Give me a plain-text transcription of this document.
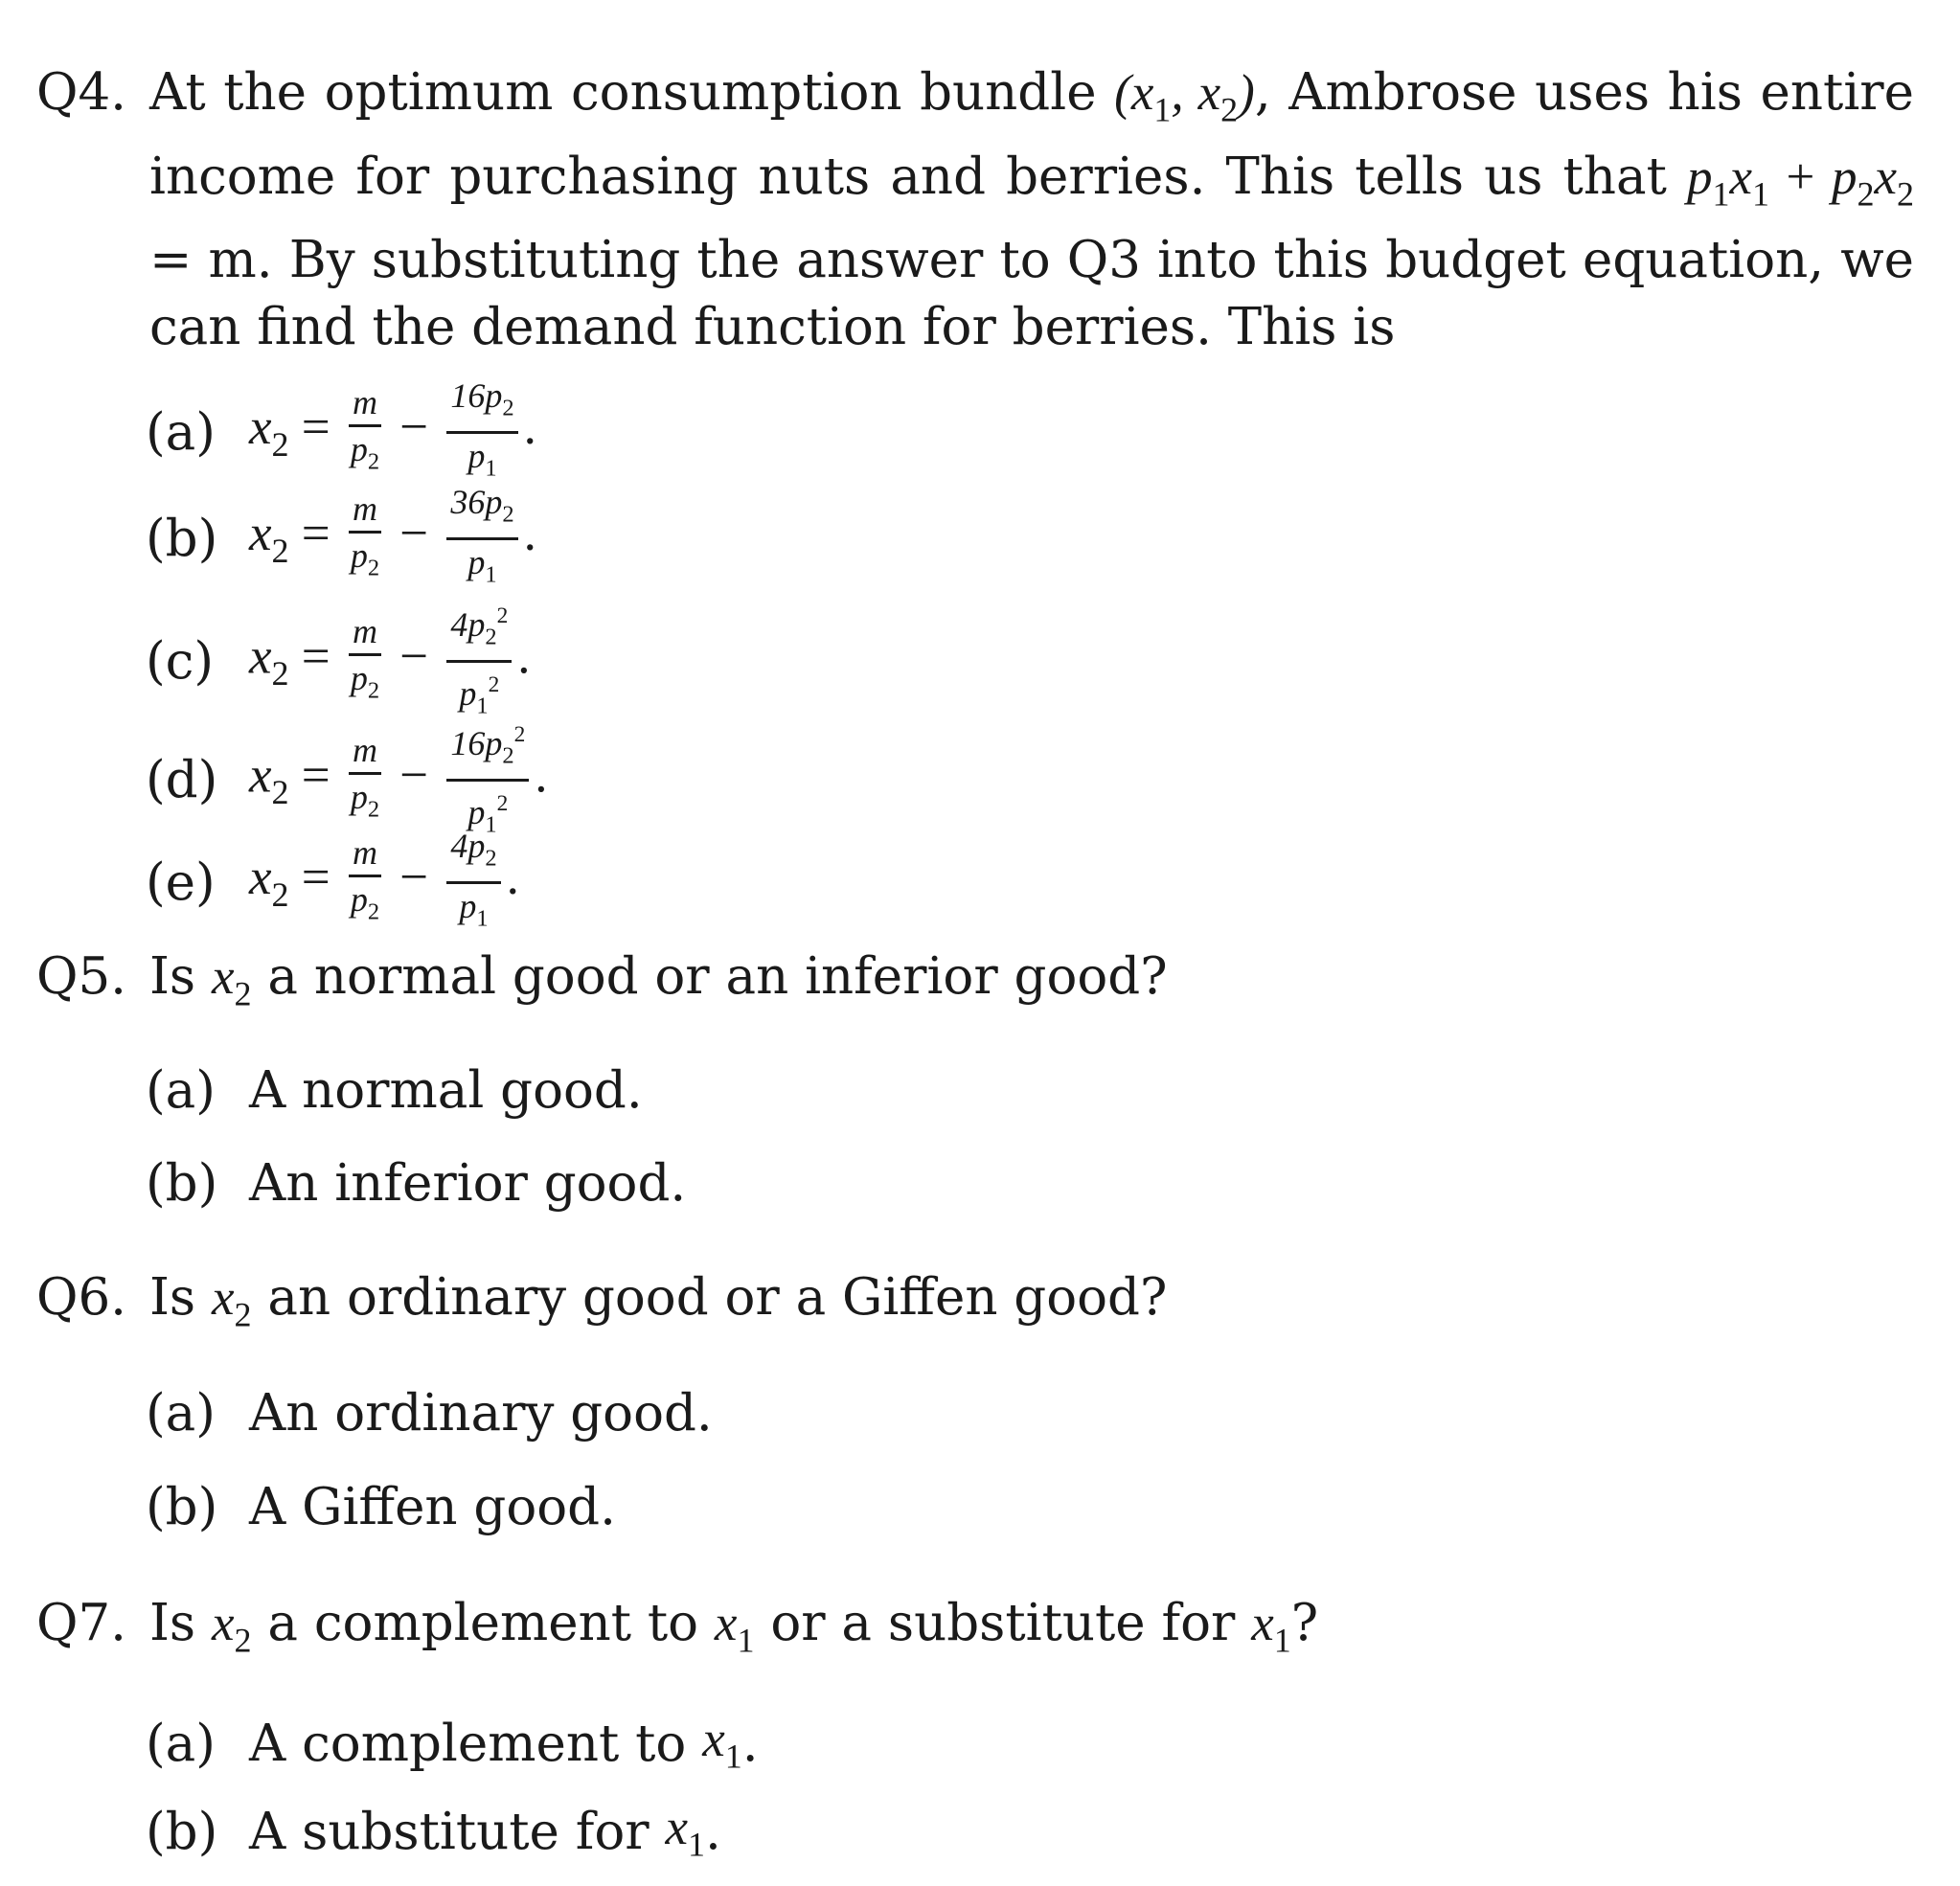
Q4. At the optimum consumption bundle ($x_1$, $x_2$), Ambrose uses his entire income for purchasing nuts and berries. This tells us that $p_1x_1 + p_2x_2 = m$. By substituting the answer to Q3 into this budget equation, we can find the demand function for berries. This is
(a) $x_2 = \frac{m}{p_2} - \frac{16p_2}{p_1}$ .
(b) $x_2 = \frac{m}{p_2} - \frac{36p_2}{p_1}$ .
(c) $x_2 = \frac{m}{p_2} - \frac{4p_2^2}{p_1^2}$ .
(d) $x_2 = \frac{m}{p_2} - \frac{16p_2^2}{p_1^2}$ .
(e) $x_2 = \frac{m}{p_2} - \frac{4p_2}{p_1}$ .
Q5. Is $x_2$ a normal good or an inferior good?
(a) A normal good.
(b) An inferior good.
Q6. Is $x_2$ an ordinary good or a Giffen good?
(a) An ordinary good.
(b) A Giffen good.
Q7. Is $x_2$ a complement to $x_1$ or a substitute for $x_1$?
(a) A complement to
$x_1$ .
(b) A substitute for
$x_1$ .
